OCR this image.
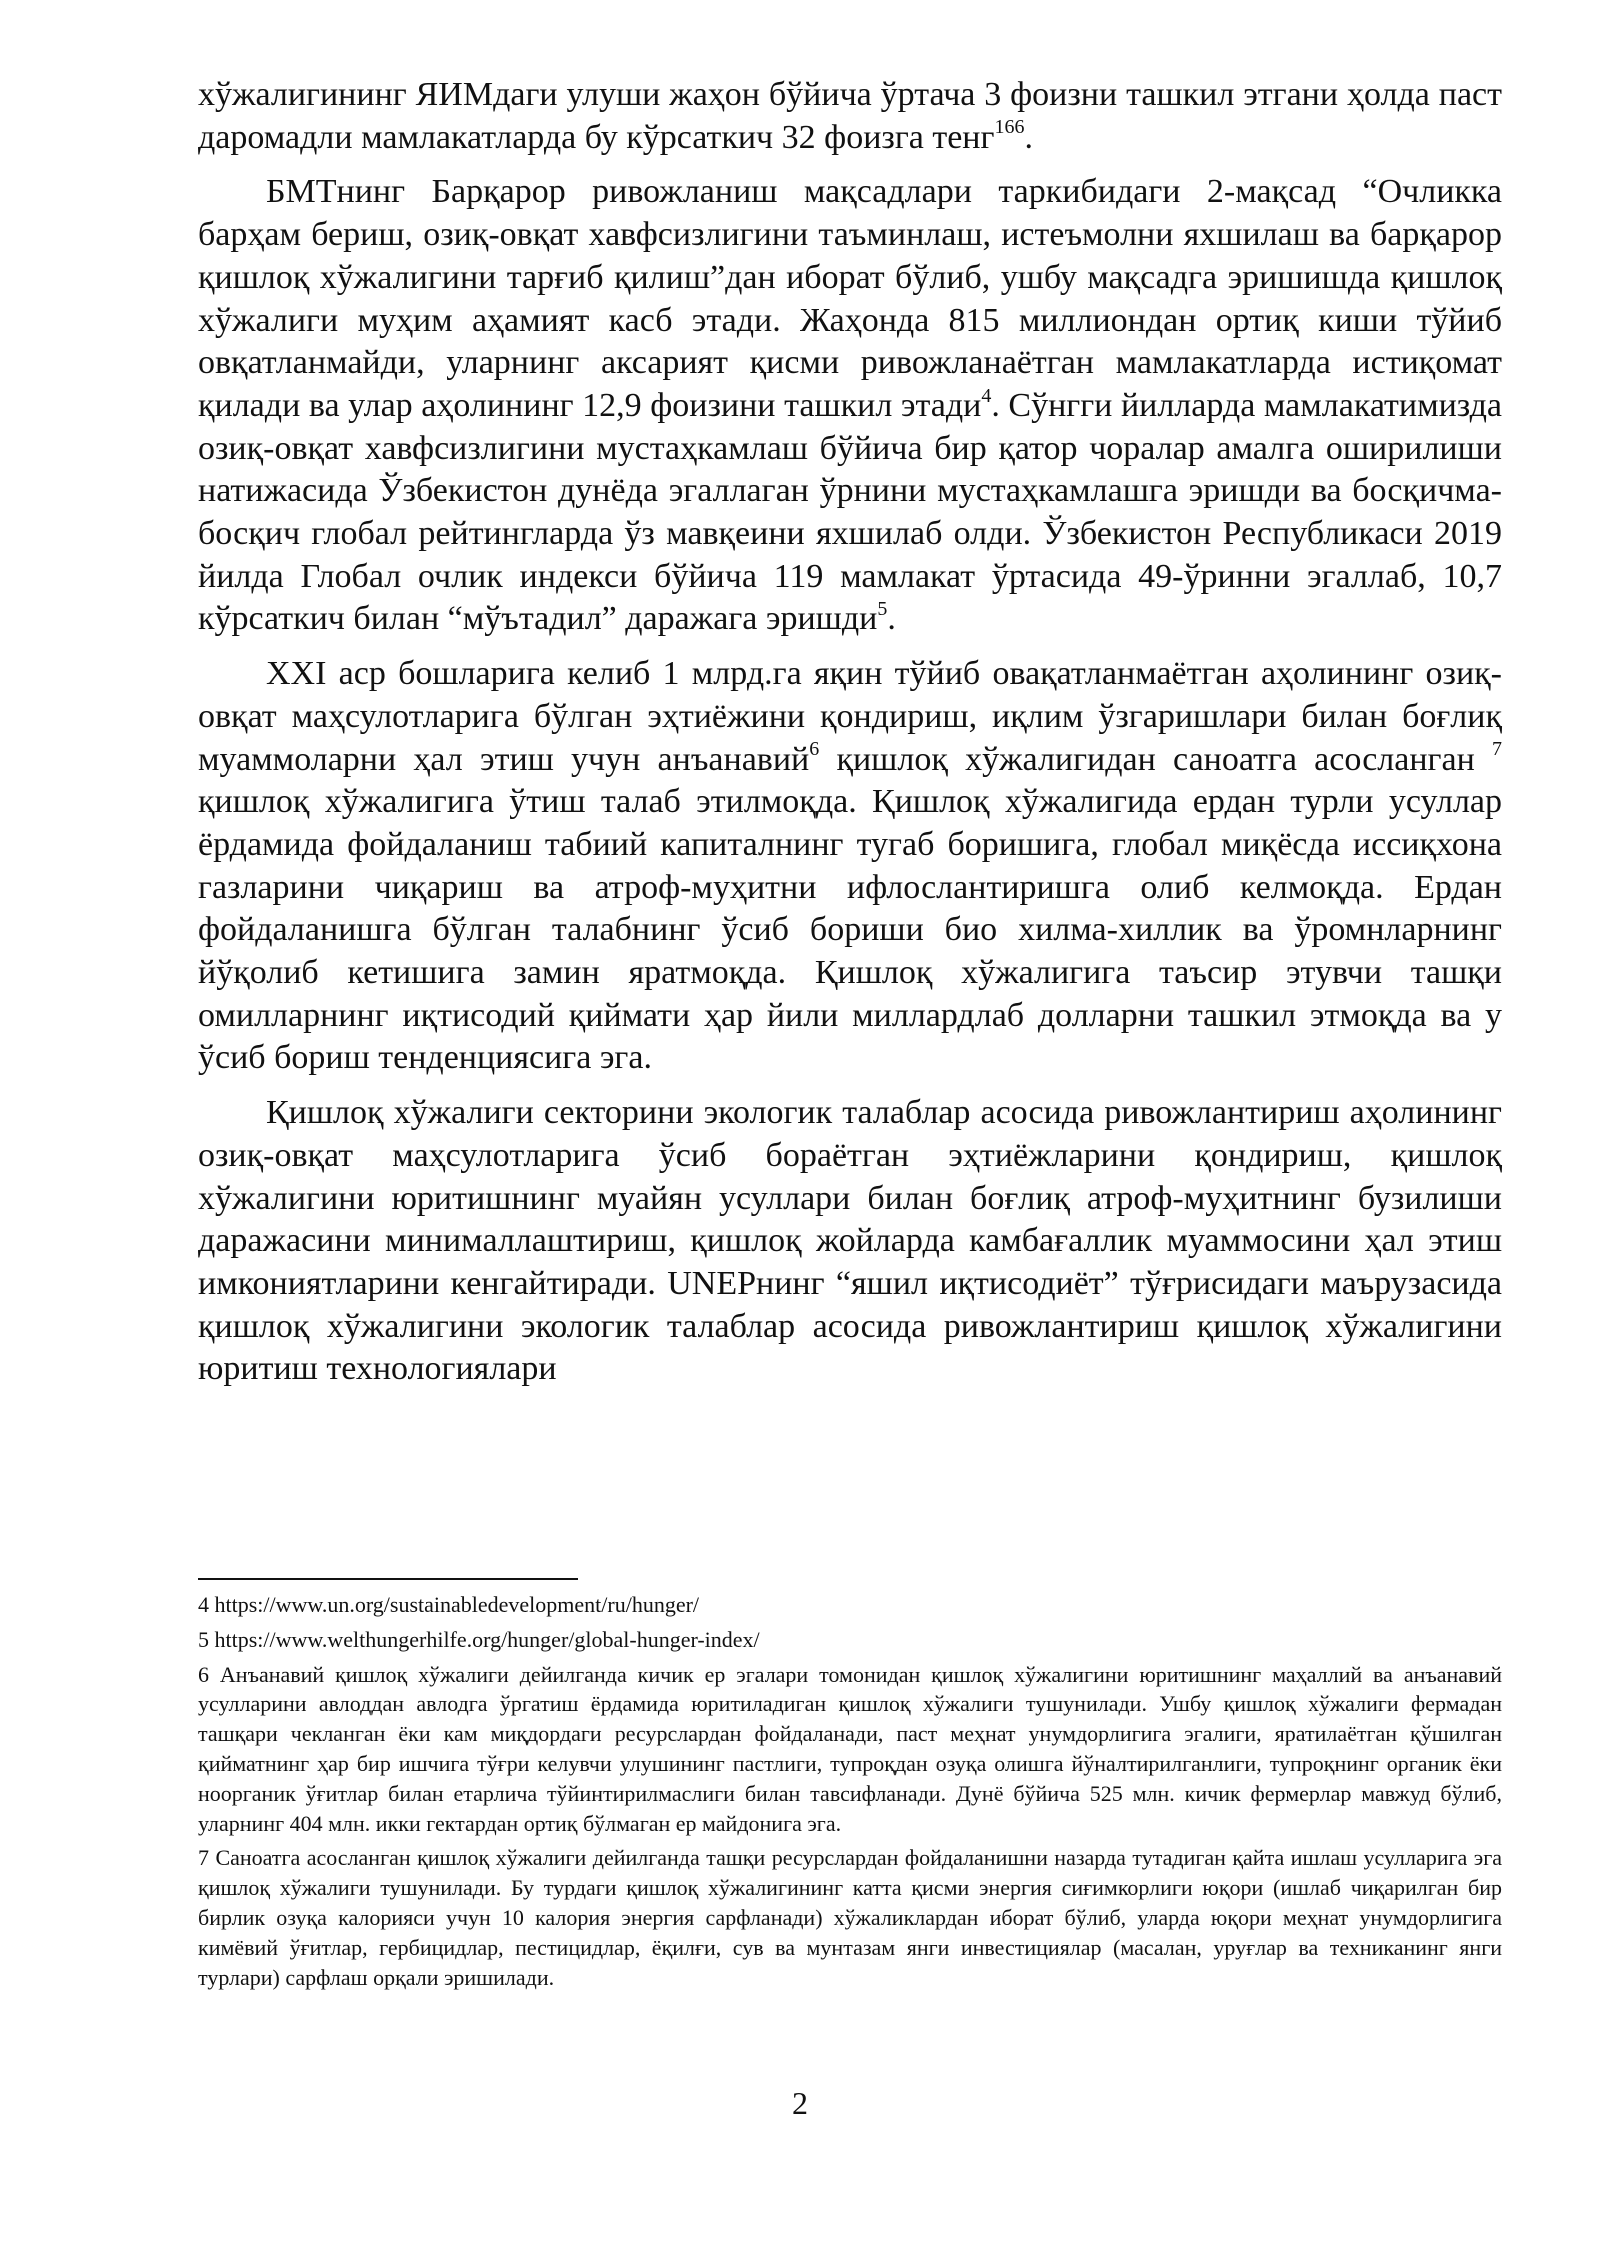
хўжалигининг ЯИМдаги улуши жаҳон бўйича ўртача 3 фоизни ташкил этгани ҳолда паст даромадли мамлакатларда бу кўрсаткич 32 фоизга тенг$^{166}$.

БМТнинг Барқарор ривожланиш мақсадлари таркибидаги 2-мақсад “Очликка барҳам бериш, озиқ-овқат хавфсизлигини таъминлаш, истеъмолни яхшилаш ва барқарор қишлоқ хўжалигини тарғиб қилиш”дан иборат бўлиб, ушбу мақсадга эришишда қишлоқ хўжалиги муҳим аҳамият касб этади. Жаҳонда 815 миллиондан ортиқ киши тўйиб овқатланмайди, уларнинг аксарият қисми ривожланаётган мамлакатларда истиқомат қилади ва улар аҳолининг 12,9 фоизини ташкил этади$^4$. Сўнгги йилларда мамлакатимизда озиқ-овқат хавфсизлигини мустаҳкамлаш бўйича бир қатор чоралар амалга оширилиши натижасида Ўзбекистон дунёда эгаллаган ўрнини мустаҳкамлашга эришди ва босқичма-босқич глобал рейтингларда ўз мавқеини яхшилаб олди. Ўзбекистон Республикаси 2019 йилда Глобал очлик индекси бўйича 119 мамлакат ўртасида 49-ўринни эгаллаб, 10,7 кўрсаткич билан “мўътадил” даражага эришди$^5$.

XXI аср бошларига келиб 1 млрд.га яқин тўйиб овақатланмаётган аҳолининг озиқ-овқат маҳсулотларига бўлган эҳтиёжини қондириш, иқлим ўзгаришлари билан боғлиқ муаммоларни ҳал этиш учун анъанавий$^6$ қишлоқ хўжалигидан саноатга асосланган $^7$ қишлоқ хўжалигига ўтиш талаб этилмоқда. Қишлоқ хўжалигида ердан турли усуллар ёрдамида фойдаланиш табиий капиталнинг тугаб боришига, глобал миқёсда иссиқхона газларини чиқариш ва атроф-муҳитни ифлослантиришга олиб келмоқда. Ердан фойдаланишга бўлган талабнинг ўсиб бориши био хилма-хиллик ва ўромнларнинг йўқолиб кетишига замин яратмоқда. Қишлоқ хўжалигига таъсир этувчи ташқи омилларнинг иқтисодий қиймати ҳар йили миллардлаб долларни ташкил этмоқда ва у ўсиб бориш тенденциясига эга.

Қишлоқ хўжалиги секторини экологик талаблар асосида ривожлантириш аҳолининг озиқ-овқат маҳсулотларига ўсиб бораётган эҳтиёжларини қондириш, қишлоқ хўжалигини юритишнинг муайян усуллари билан боғлиқ атроф-муҳитнинг бузилиши даражасини минималлаштириш, қишлоқ жойларда камбағаллик муаммосини ҳал этиш имкониятларини кенгайтиради. UNEPнинг “яшил иқтисодиёт” тўғрисидаги маърузасида қишлоқ хўжалигини экологик талаблар асосида ривожлантириш қишлоқ хўжалигини юритиш технологиялари

4 https://www.un.org/sustainabledevelopment/ru/hunger/

5 https://www.welthungerhilfe.org/hunger/global-hunger-index/

6 Анъанавий қишлоқ хўжалиги дейилганда кичик ер эгалари томонидан қишлоқ хўжалигини юритишнинг маҳаллий ва анъанавий усулларини авлоддан авлодга ўргатиш ёрдамида юритиладиган қишлоқ хўжалиги тушунилади. Ушбу қишлоқ хўжалиги фермадан ташқари чекланган ёки кам миқдордаги ресурслардан фойдаланади, паст меҳнат унумдорлигига эгалиги, яратилаётган қўшилган қийматнинг ҳар бир ишчига тўғри келувчи улушининг пастлиги, тупроқдан озуқа олишга йўналтирилганлиги, тупроқнинг органик ёки ноорганик ўғитлар билан етарлича тўйинтирилмаслиги билан тавсифланади. Дунё бўйича 525 млн. кичик фермерлар мавжуд бўлиб, уларнинг 404 млн. икки гектардан ортиқ бўлмаган ер майдонига эга.

7 Саноатга асосланган қишлоқ хўжалиги дейилганда ташқи ресурслардан фойдаланишни назарда тутадиган қайта ишлаш усулларига эга қишлоқ хўжалиги тушунилади. Бу турдаги қишлоқ хўжалигининг катта қисми энергия сиғимкорлиги юқори (ишлаб чиқарилган бир бирлик озуқа калорияси учун 10 калория энергия сарфланади) хўжаликлардан иборат бўлиб, уларда юқори меҳнат унумдорлигига кимёвий ўғитлар, гербицидлар, пестицидлар, ёқилғи, сув ва мунтазам янги инвестициялар (масалан, уруғлар ва техниканинг янги турлари) сарфлаш орқали эришилади.

2
